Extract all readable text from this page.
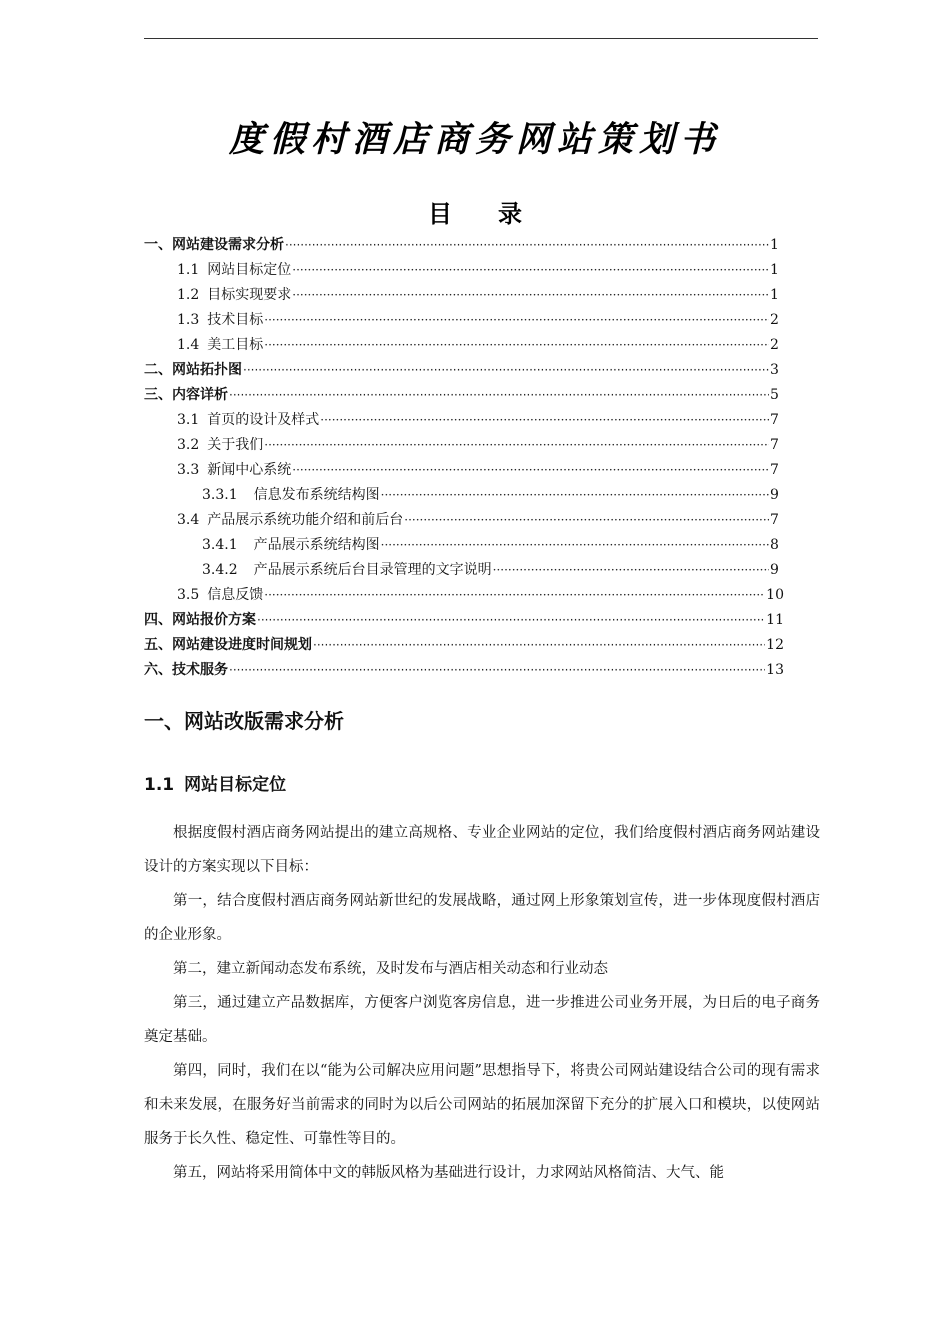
度假村酒店商务网站策划书
目 录
一、网站建设需求分析 ·····	1
1.1 网站目标定位 ·····	1
1.2 目标实现要求 ·····	1
1.3 技术目标 ·····	2
1.4 美工目标 ·····	2
二、网站拓扑图 ·····	3
三、内容详析 ·····	5
3.1 首页的设计及样式 ·····	7
3.2 关于我们 ·····	7
3.3 新闻中心系统 ·····	7
3.3.1 信息发布系统结构图 ·····	9
3.4 产品展示系统功能介绍和前后台 ·····	7
3.4.1 产品展示系统结构图 ·····	8
3.4.2 产品展示系统后台目录管理的文字说明 ·····	9
3.5 信息反馈 ·····	10
四、网站报价方案 ·····	11
五、网站建设进度时间规划 ·····	12
六、技术服务 ·····	13
一、网站改版需求分析
1.1 网站目标定位

根据度假村酒店商务网站提出的建立高规格、专业企业网站的定位，我们给度假村酒店商务网站建设设计的方案实现以下目标：

第一，结合度假村酒店商务网站新世纪的发展战略，通过网上形象策划宣传，进一步体现度假村酒店的企业形象。

第二，建立新闻动态发布系统，及时发布与酒店相关动态和行业动态

第三，通过建立产品数据库，方便客户浏览客房信息，进一步推进公司业务开展，为日后的电子商务奠定基础。

第四，同时，我们在以“能为公司解决应用问题”思想指导下，将贵公司网站建设结合公司的现有需求和未来发展，在服务好当前需求的同时为以后公司网站的拓展加深留下充分的扩展入口和模块，以使网站服务于长久性、稳定性、可靠性等目的。

第五，网站将采用简体中文的韩版风格为基础进行设计，力求网站风格简洁、大气、能
